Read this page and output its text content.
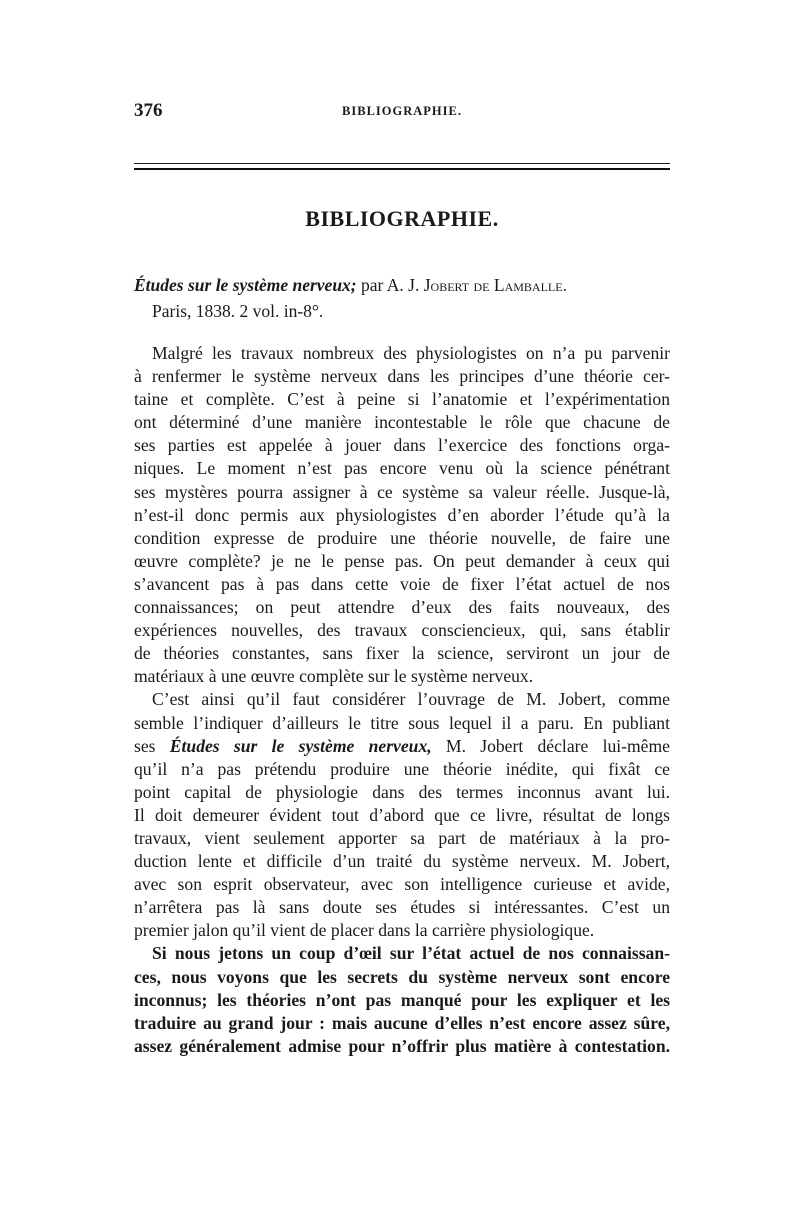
376	BIBLIOGRAPHIE.
BIBLIOGRAPHIE.
Études sur le système nerveux; par A. J. Jobert de Lamballe.
Paris, 1838. 2 vol. in-8°.
Malgré les travaux nombreux des physiologistes on n’a pu parvenir
à renfermer le système nerveux dans les principes d’une théorie cer-
taine et complète. C’est à peine si l’anatomie et l’expérimentation
ont déterminé d’une manière incontestable le rôle que chacune de
ses parties est appelée à jouer dans l’exercice des fonctions orga-
niques. Le moment n’est pas encore venu où la science pénétrant
ses mystères pourra assigner à ce système sa valeur réelle. Jusque-là,
n’est-il donc permis aux physiologistes d’en aborder l’étude qu’à la
condition expresse de produire une théorie nouvelle, de faire une
œuvre complète? je ne le pense pas. On peut demander à ceux qui
s’avancent pas à pas dans cette voie de fixer l’état actuel de nos
connaissances; on peut attendre d’eux des faits nouveaux, des
expériences nouvelles, des travaux consciencieux, qui, sans établir
de théories constantes, sans fixer la science, serviront un jour de
matériaux à une œuvre complète sur le système nerveux.
C’est ainsi qu’il faut considérer l’ouvrage de M. Jobert, comme
semble l’indiquer d’ailleurs le titre sous lequel il a paru. En publiant
ses Études sur le système nerveux, M. Jobert déclare lui-même
qu’il n’a pas prétendu produire une théorie inédite, qui fixât ce
point capital de physiologie dans des termes inconnus avant lui.
Il doit demeurer évident tout d’abord que ce livre, résultat de longs
travaux, vient seulement apporter sa part de matériaux à la pro-
duction lente et difficile d’un traité du système nerveux. M. Jobert,
avec son esprit observateur, avec son intelligence curieuse et avide,
n’arrêtera pas là sans doute ses études si intéressantes. C’est un
premier jalon qu’il vient de placer dans la carrière physiologique.
Si nous jetons un coup d’œil sur l’état actuel de nos connaissan-
ces, nous voyons que les secrets du système nerveux sont encore
inconnus; les théories n’ont pas manqué pour les expliquer et les
traduire au grand jour : mais aucune d’elles n’est encore assez sûre,
assez généralement admise pour n’offrir plus matière à contestation.
